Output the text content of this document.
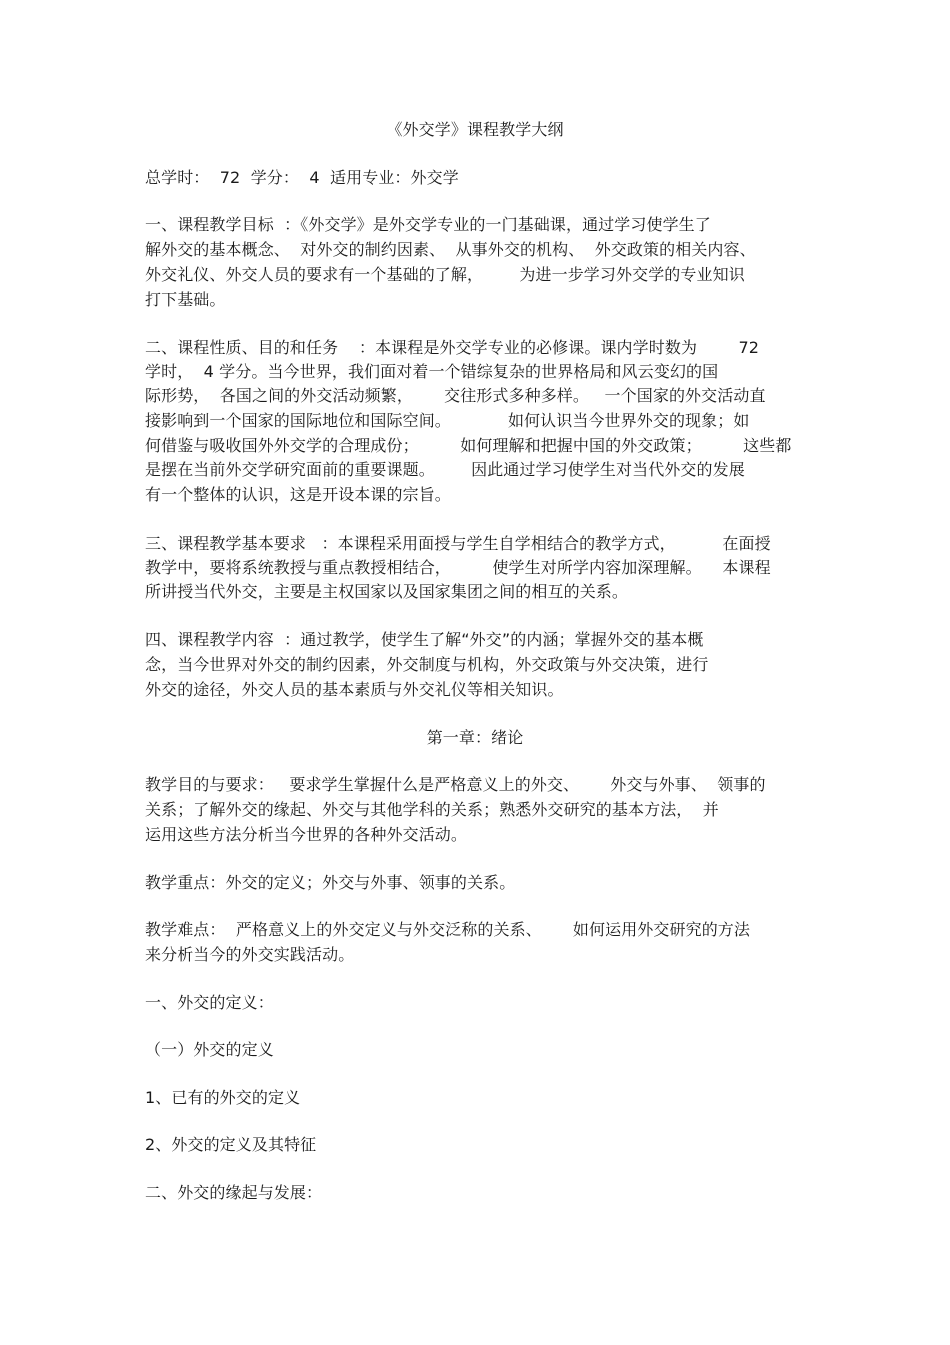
《外交学》课程教学大纲
总学时：  72  学分：  4  适用专业：外交学
一、课程教学目标  ：《外交学》是外交学专业的一门基础课，通过学习使学生了
解外交的基本概念、  对外交的制约因素、  从事外交的机构、  外交政策的相关内容、
外交礼仪、外交人员的要求有一个基础的了解，       为进一步学习外交学的专业知识
打下基础。
二、课程性质、目的和任务    ：本课程是外交学专业的必修课。课内学时数为        72
学时，  4 学分。当今世界，我们面对着一个错综复杂的世界格局和风云变幻的国
际形势，  各国之间的外交活动频繁，      交往形式多种多样。   一个国家的外交活动直
接影响到一个国家的国际地位和国际空间。           如何认识当今世界外交的现象；如
何借鉴与吸收国外外交学的合理成份；        如何理解和把握中国的外交政策；        这些都
是摆在当前外交学研究面前的重要课题。       因此通过学习使学生对当代外交的发展
有一个整体的认识，这是开设本课的宗旨。
三、课程教学基本要求   ：本课程采用面授与学生自学相结合的教学方式，         在面授
教学中，要将系统教授与重点教授相结合，        使学生对所学内容加深理解。    本课程
所讲授当代外交，主要是主权国家以及国家集团之间的相互的关系。
四、课程教学内容  ：通过教学，使学生了解“外交”的内涵；掌握外交的基本概
念，当今世界对外交的制约因素，外交制度与机构，外交政策与外交决策，进行
外交的途径，外交人员的基本素质与外交礼仪等相关知识。
第一章：绪论
教学目的与要求：   要求学生掌握什么是严格意义上的外交、      外交与外事、  领事的
关系；了解外交的缘起、外交与其他学科的关系；熟悉外交研究的基本方法，  并
运用这些方法分析当今世界的各种外交活动。
教学重点：外交的定义；外交与外事、领事的关系。
教学难点：  严格意义上的外交定义与外交泛称的关系、      如何运用外交研究的方法
来分析当今的外交实践活动。
一、外交的定义：
（一）外交的定义
1、已有的外交的定义
2、外交的定义及其特征
二、外交的缘起与发展：
